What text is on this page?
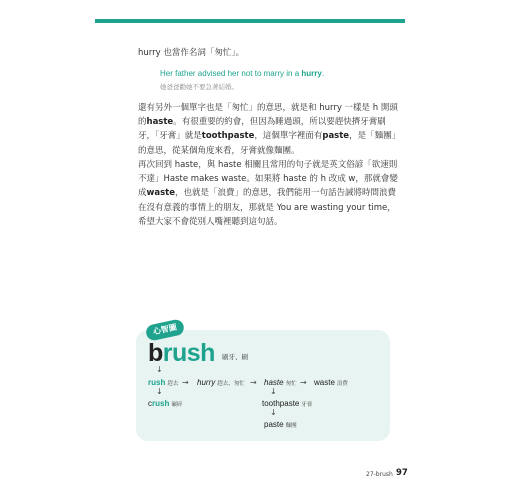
hurry 也當作名詞「匆忙」。
Her father advised her not to marry in a hurry.
她爸爸勸她不要急著結婚。
還有另外一個單字也是「匆忙」的意思，就是和 hurry 一樣是 h 開頭的haste。有很重要的約會，但因為睡過頭，所以要趕快擠牙膏刷牙，「牙膏」就是toothpaste，這個單字裡面有paste，是「麵團」的意思，從某個角度來看，牙膏就像麵團。
再次回到 haste，與 haste 相關且常用的句子就是英文俗諺「欲速則不達」Haste makes waste。如果將 haste 的 h 改成 w，那就會變成waste，也就是「浪費」的意思，我們能用一句話告誡將時間浪費在沒有意義的事情上的朋友，那就是 You are wasting your time，希望大家不會從別人嘴裡聽到這句話。
心智圖
brush 刷牙、刷
↓
rush 趕去 → hurry 趕去、匆忙 → haste 匆忙 → waste 浪費
↓	↓
crush 碾碎	toothpaste 牙膏
↓
paste 麵團
27-brush 97
